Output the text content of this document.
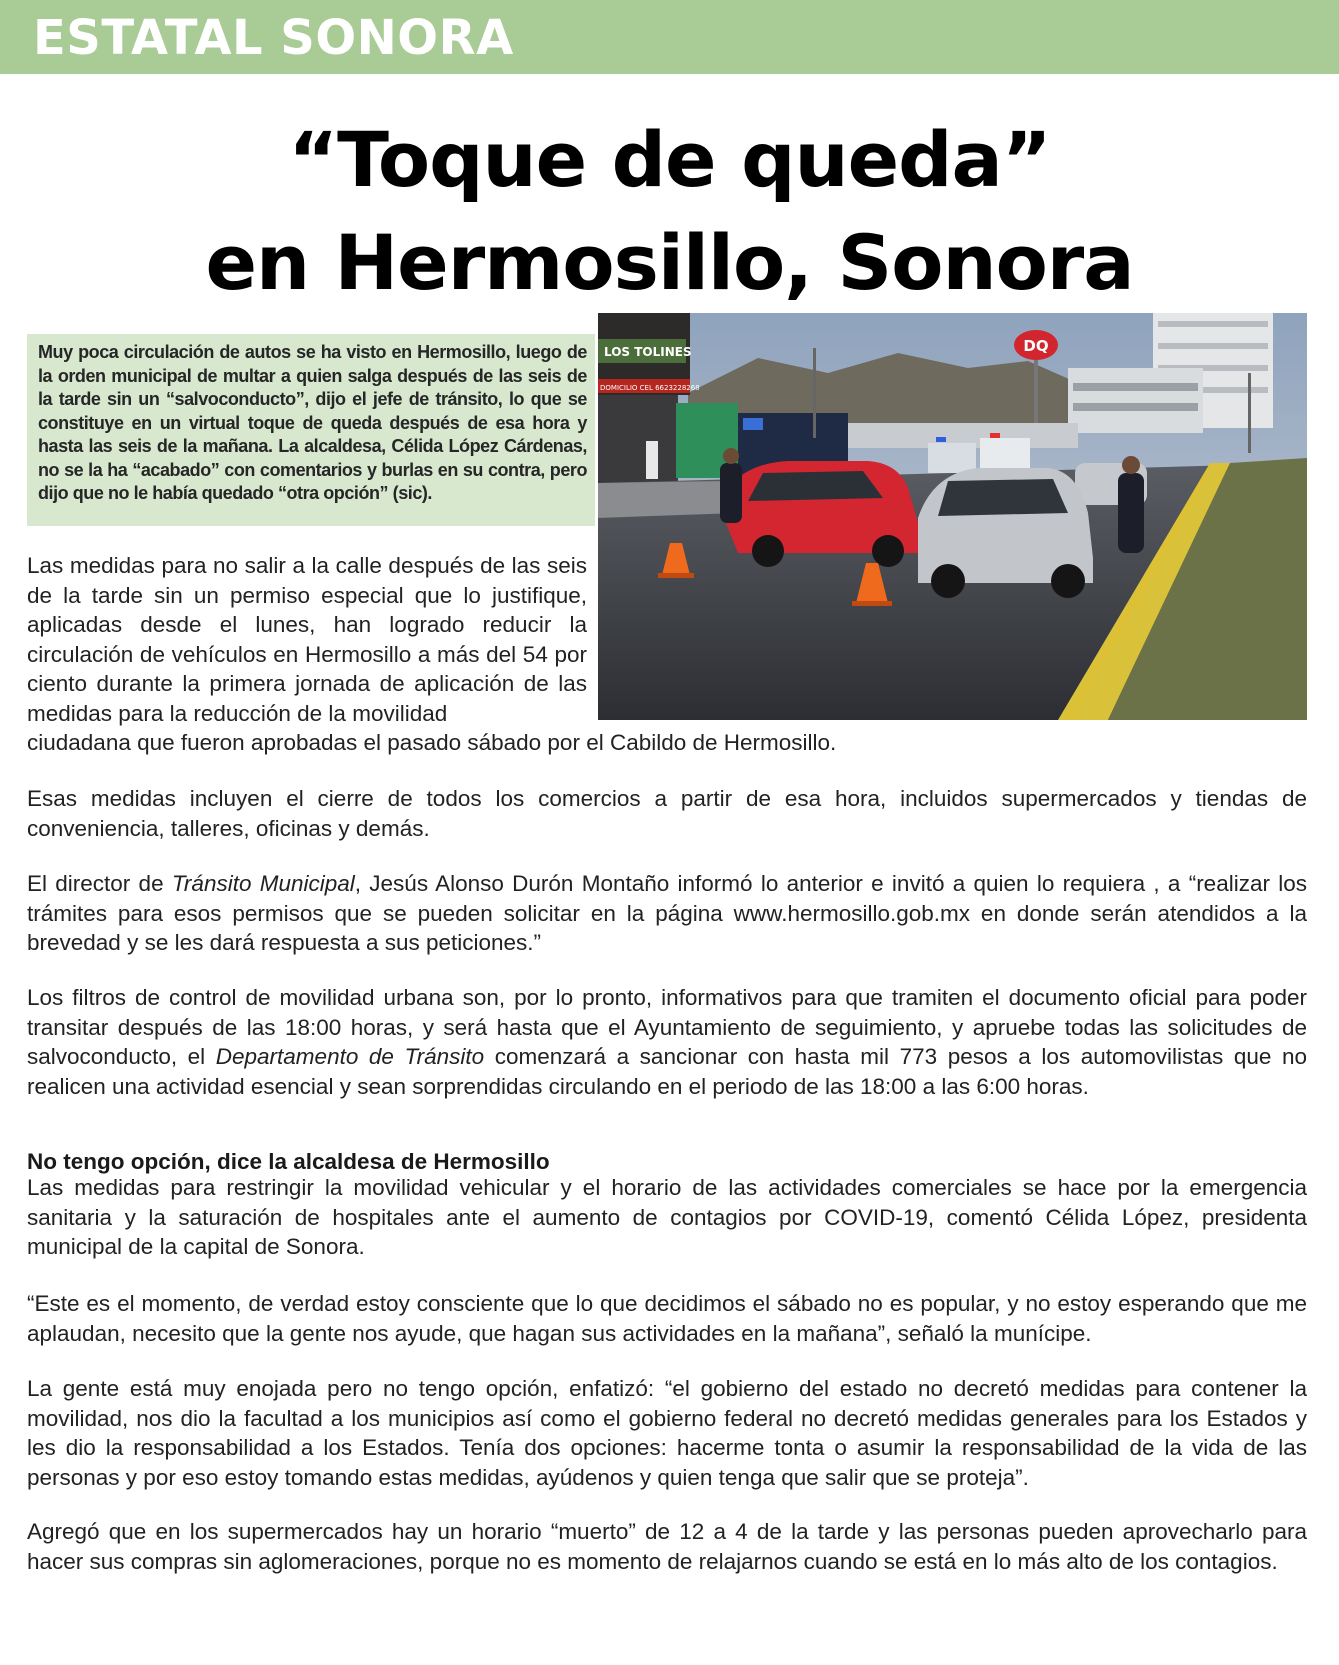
ESTATAL SONORA
“Toque de queda”
en Hermosillo, Sonora

Muy poca circulación de autos se ha visto en Hermosillo, luego de la orden municipal de multar a quien salga después de las seis de la tarde sin un “salvoconducto”, dijo el jefe de tránsito, lo que se constituye en un virtual toque de queda después de esa hora y hasta las seis de la mañana. La alcaldesa, Célida López Cárdenas, no se la ha “acabado” con comentarios y burlas en su contra, pero dijo que no le había quedado “otra opción” (sic).

DQ
LOS TOLINES
DOMICILIO CEL 6623228268

Las medidas para no salir a la calle después de las seis de la tarde sin un permiso especial que lo justifique, aplicadas desde el lunes, han logrado reducir la circulación de vehículos en Hermosillo a más del 54 por ciento durante la primera jornada de aplicación de las medidas para la reducción de la movilidad

ciudadana que fueron aprobadas el pasado sábado por el Cabildo de Hermosillo.

Esas medidas incluyen el cierre de todos los comercios a partir de esa hora, incluidos supermercados y tiendas de conveniencia, talleres, oficinas y demás.

El director de Tránsito Municipal, Jesús Alonso Durón Montaño informó lo anterior e invitó a quien lo requiera , a “realizar los trámites para esos permisos que se pueden solicitar en la página www.hermosillo.gob.mx en donde serán atendidos a la brevedad y se les dará respuesta a sus peticiones.”

Los filtros de control de movilidad urbana son, por lo pronto, informativos para que tramiten el documento oficial para poder transitar después de las 18:00 horas, y será hasta que el Ayuntamiento de seguimiento, y apruebe todas las solicitudes de salvoconducto, el Departamento de Tránsito comenzará a sancionar con hasta mil 773 pesos a los automovilistas que no realicen una actividad esencial y sean sorprendidas circulando en el periodo de las 18:00 a las 6:00 horas.

No tengo opción, dice la alcaldesa de Hermosillo

Las medidas para restringir la movilidad vehicular y el horario de las actividades comerciales se hace por la emergencia sanitaria y la saturación de hospitales ante el aumento de contagios por COVID-19, comentó Célida López, presidenta municipal de la capital de Sonora.

“Este es el momento, de verdad estoy consciente que lo que decidimos el sábado no es popular, y no estoy esperando que me aplaudan, necesito que la gente nos ayude, que hagan sus actividades en la mañana”, señaló la munícipe.

La gente está muy enojada pero no tengo opción, enfatizó: “el gobierno del estado no decretó medidas para contener la movilidad, nos dio la facultad a los municipios así como el gobierno federal no decretó medidas generales para los Estados y les dio la responsabilidad a los Estados. Tenía dos opciones: hacerme tonta o asumir la responsabilidad de la vida de las personas y por eso estoy tomando estas medidas, ayúdenos y quien tenga que salir que se proteja”.

Agregó que en los supermercados hay un horario “muerto” de 12 a 4 de la tarde y las personas pueden aprovecharlo para hacer sus compras sin aglomeraciones, porque no es momento de relajarnos cuando se está en lo más alto de los contagios.
